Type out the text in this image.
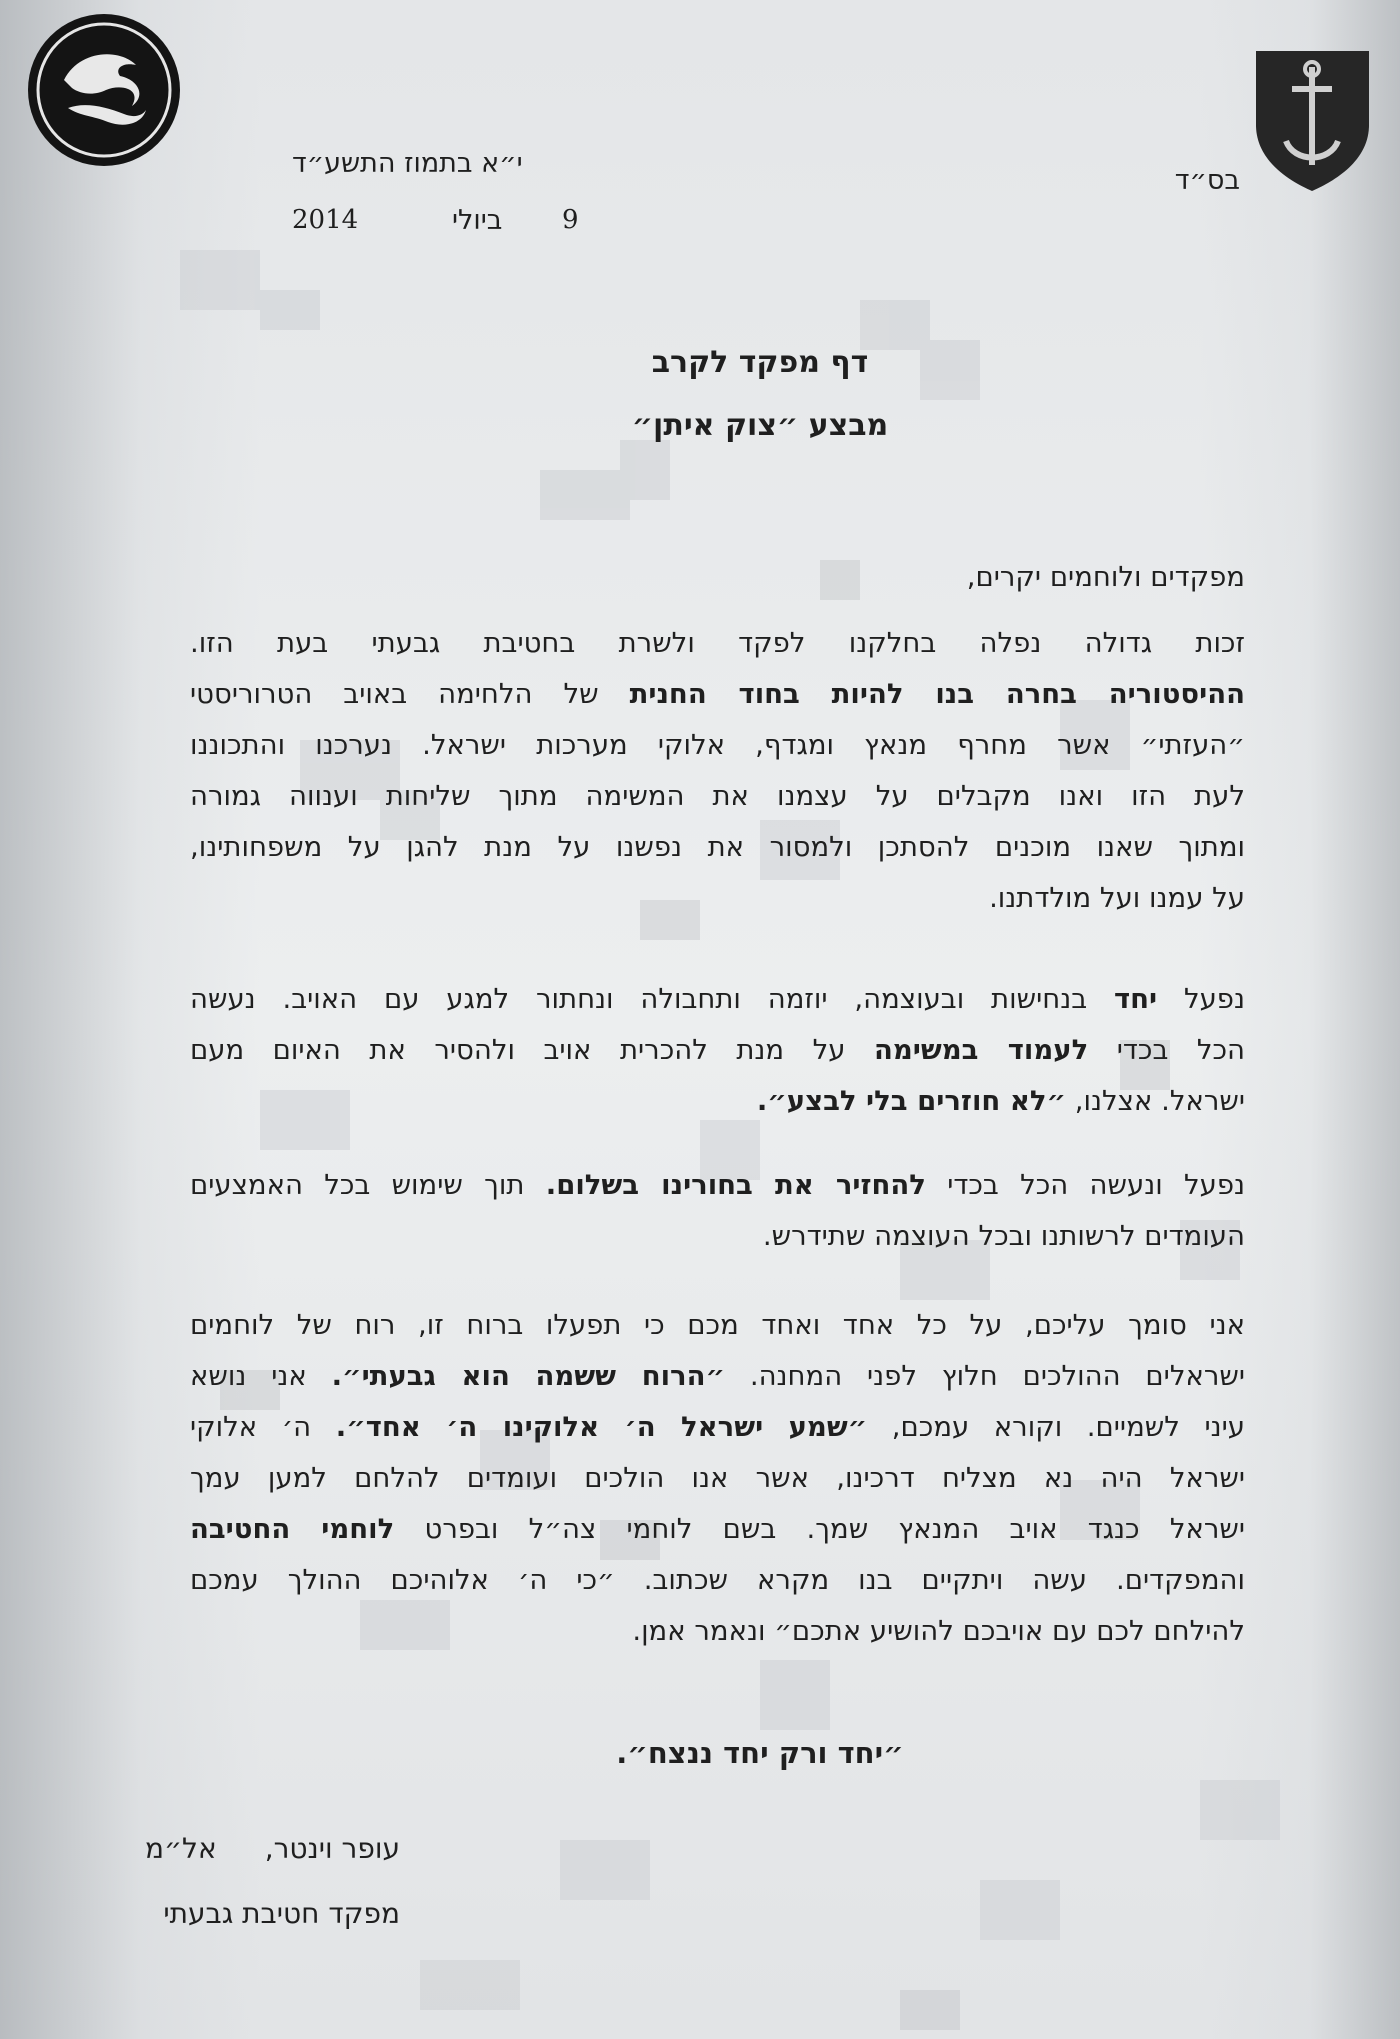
בס״ד
י״א בתמוז התשע״ד
9
ביולי
2014
דף מפקד לקרב
מבצע ״צוק איתן״
מפקדים ולוחמים יקרים,
זכות גדולה נפלה בחלקנו לפקד ולשרת בחטיבת גבעתי בעת הזו.
ההיסטוריה בחרה בנו להיות בחוד החנית של הלחימה באויב הטרוריסטי
״העזתי״ אשר מחרף מנאץ ומגדף, אלוקי מערכות ישראל. נערכנו והתכוננו
לעת הזו ואנו מקבלים על עצמנו את המשימה מתוך שליחות וענווה גמורה
ומתוך שאנו מוכנים להסתכן ולמסור את נפשנו על מנת להגן על משפחותינו,
על עמנו ועל מולדתנו.
נפעל יחד בנחישות ובעוצמה, יוזמה ותחבולה ונחתור למגע עם האויב. נעשה
הכל בכדי לעמוד במשימה על מנת להכרית אויב ולהסיר את האיום מעם
ישראל. אצלנו, ״לא חוזרים בלי לבצע״.
נפעל ונעשה הכל בכדי להחזיר את בחורינו בשלום. תוך שימוש בכל האמצעים
העומדים לרשותנו ובכל העוצמה שתידרש.
אני סומך עליכם, על כל אחד ואחד מכם כי תפעלו ברוח זו, רוח של לוחמים
ישראלים ההולכים חלוץ לפני המחנה. ״הרוח ששמה הוא גבעתי״. אני נושא
עיני לשמיים. וקורא עמכם, ״שמע ישראל ה׳ אלוקינו ה׳ אחד״. ה׳ אלוקי
ישראל היה נא מצליח דרכינו, אשר אנו הולכים ועומדים להלחם למען עמך
ישראל כנגד אויב המנאץ שמך. בשם לוחמי צה״ל ובפרט לוחמי החטיבה
והמפקדים. עשה ויתקיים בנו מקרא שכתוב. ״כי ה׳ אלוהיכם ההולך עמכם
להילחם לכם עם אויבכם להושיע אתכם״ ונאמר אמן.
״יחד ורק יחד ננצח״.
עופר וינטר,אל״מ
מפקד חטיבת גבעתי
